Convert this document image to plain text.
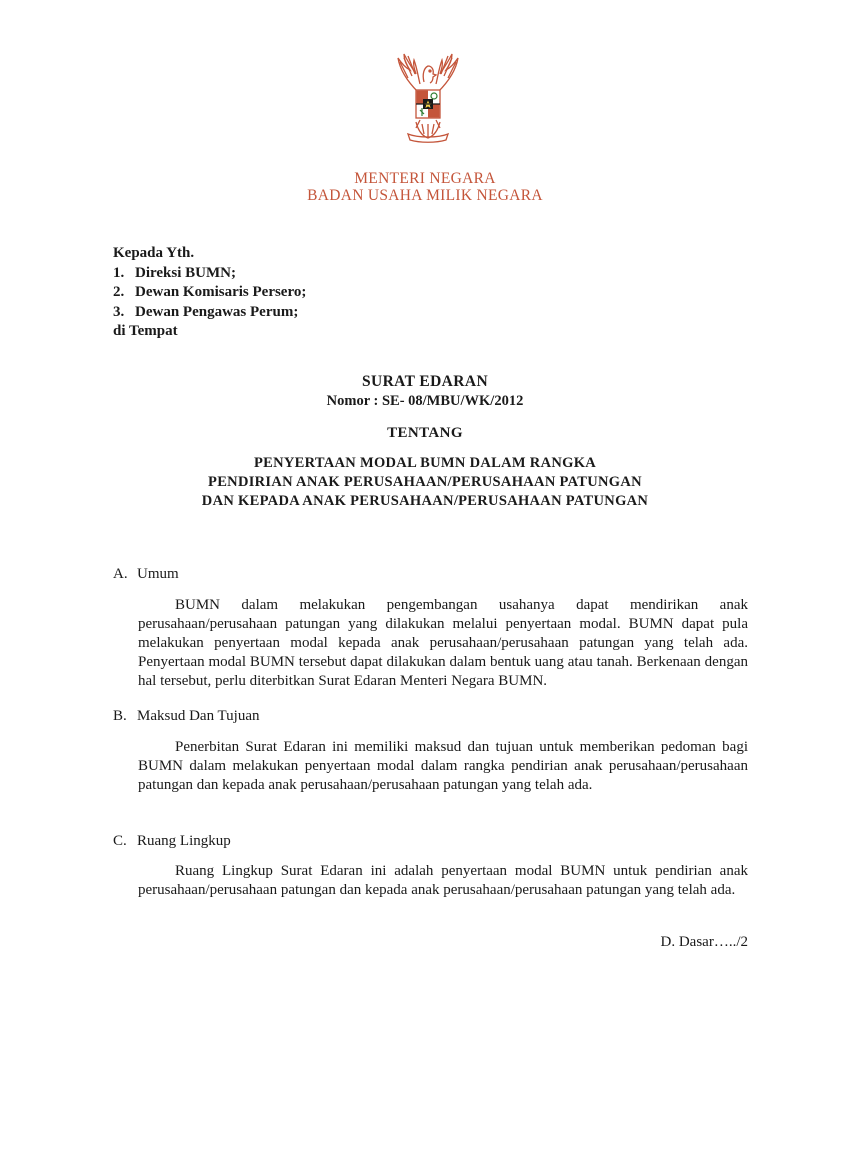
MENTERI NEGARA
BADAN USAHA MILIK NEGARA
Kepada Yth.
1. Direksi BUMN;
2. Dewan Komisaris Persero;
3. Dewan Pengawas Perum;
di Tempat
SURAT EDARAN
Nomor : SE- 08/MBU/WK/2012
TENTANG
PENYERTAAN MODAL BUMN DALAM RANGKA
PENDIRIAN ANAK PERUSAHAAN/PERUSAHAAN PATUNGAN
DAN KEPADA ANAK PERUSAHAAN/PERUSAHAAN PATUNGAN
A. Umum
BUMN dalam melakukan pengembangan usahanya dapat mendirikan anak perusahaan/perusahaan patungan yang dilakukan melalui penyertaan modal. BUMN dapat pula melakukan penyertaan modal kepada anak perusahaan/perusahaan patungan yang telah ada. Penyertaan modal BUMN tersebut dapat dilakukan dalam bentuk uang atau tanah. Berkenaan dengan hal tersebut, perlu diterbitkan Surat Edaran Menteri Negara BUMN.
B. Maksud Dan Tujuan
Penerbitan Surat Edaran ini memiliki maksud dan tujuan untuk memberikan pedoman bagi BUMN dalam melakukan penyertaan modal dalam rangka pendirian anak perusahaan/perusahaan patungan dan kepada anak perusahaan/perusahaan patungan yang telah ada.
C. Ruang Lingkup
Ruang Lingkup Surat Edaran ini adalah penyertaan modal BUMN untuk pendirian anak perusahaan/perusahaan patungan dan kepada anak perusahaan/perusahaan patungan yang telah ada.
D. Dasar…../2
